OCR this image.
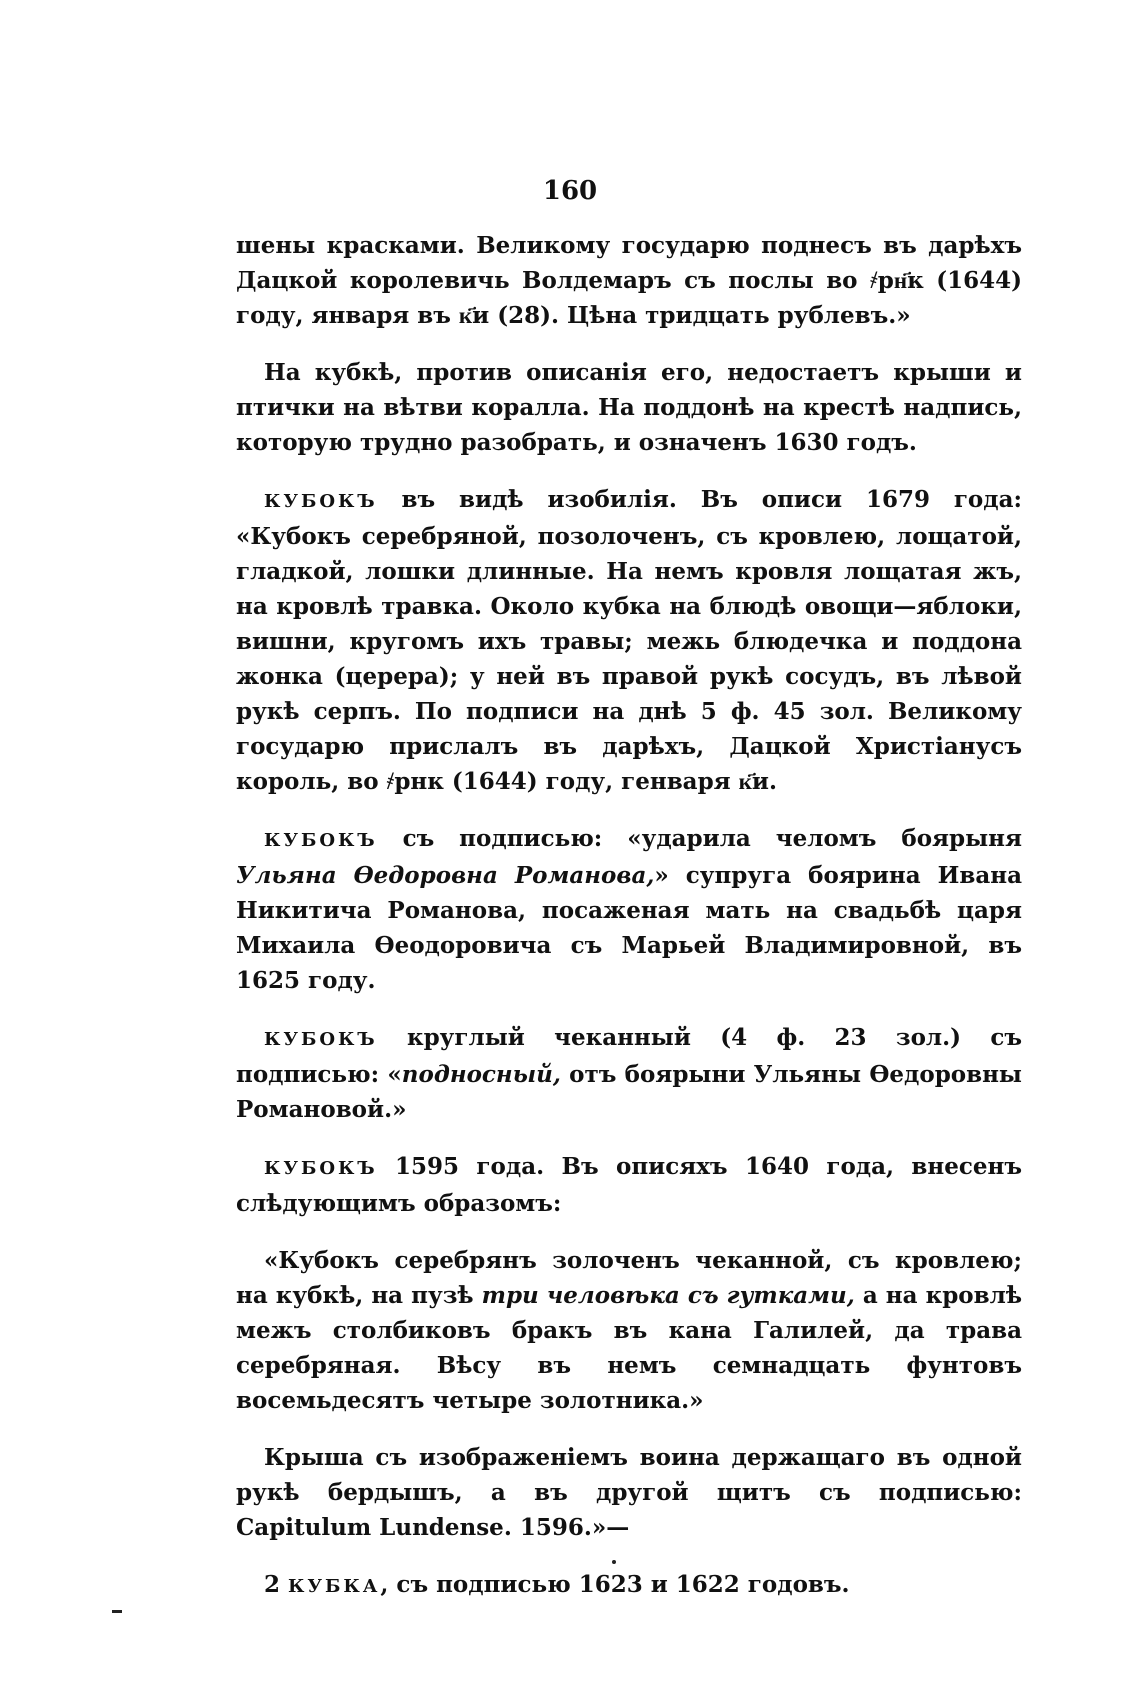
160

шены красками. Великому государю поднесъ въ дарѣхъ Дацкой королевичь Волдемаръ съ послы во ҂рн҃к (1644) году, января въ к҃и (28). Цѣна тридцать рублевъ.»

На кубкѣ, против описанія его, недостаетъ крыши и птички на вѣтви коралла. На поддонѣ на крестѣ надпись, которую трудно разобрать, и означенъ 1630 годъ.

КУБОКЪ въ видѣ изобилія. Въ описи 1679 года: «Кубокъ серебряной, позолоченъ, съ кровлею, лощатой, гладкой, лошки длинные. На немъ кровля лощатая жъ, на кровлѣ травка. Около кубка на блюдѣ овощи—яблоки, вишни, кругомъ ихъ травы; межь блюдечка и поддона жонка (церера); у ней въ правой рукѣ сосудъ, въ лѣвой рукѣ серпъ. По подписи на днѣ 5 ф. 45 зол. Великому государю прислалъ въ дарѣхъ, Дацкой Христіанусъ король, во ҂рнк (1644) году, генваря к҃и.

КУБОКЪ съ подписью: «ударила челомъ боярыня Ульяна Өедоровна Романова,» супруга боярина Ивана Никитича Романова, посаженая мать на свадьбѣ царя Михаила Өеодоровича съ Марьей Владимировной, въ 1625 году.

КУБОКЪ круглый чеканный (4 ф. 23 зол.) съ подписью: «подносный, отъ боярыни Ульяны Өедоровны Романовой.»

КУБОКЪ 1595 года. Въ описяхъ 1640 года, внесенъ слѣдующимъ образомъ:

«Кубокъ серебрянъ золоченъ чеканной, съ кровлею; на кубкѣ, на пузѣ три человѣка съ гутками, а на кровлѣ межъ столбиковъ бракъ въ кана Галилей, да трава серебряная. Вѣсу въ немъ семнадцать фунтовъ восемьдесятъ четыре золотника.»

Крыша съ изображеніемъ воина держащаго въ одной рукѣ бердышъ, а въ другой щитъ съ подписью: Capitulum Lundense. 1596.»—

2 КУБКА, съ подписью 1623 и 1622 годовъ.
